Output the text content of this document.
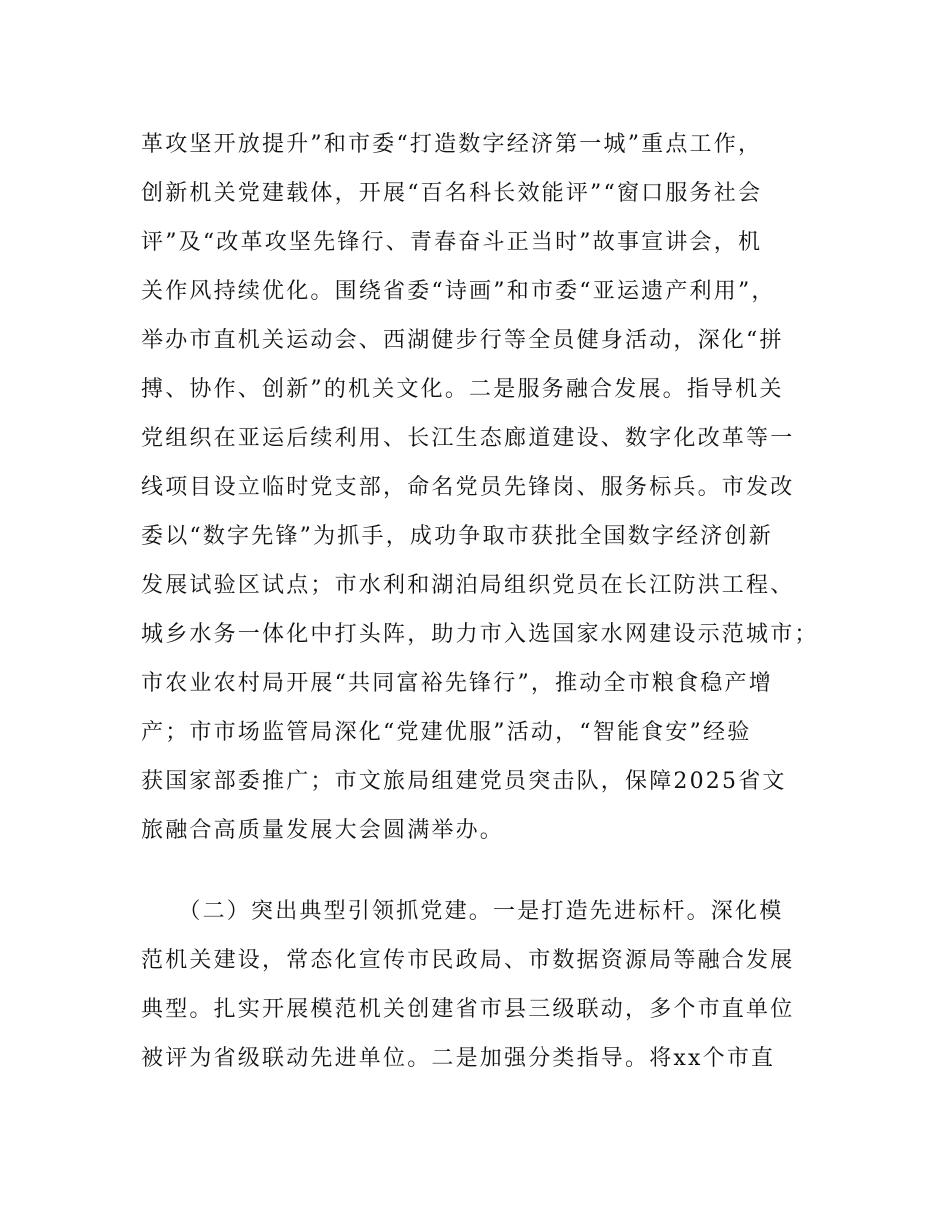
革攻坚开放提升”和市委“打造数字经济第一城”重点工作，
创新机关党建载体，开展“百名科长效能评”“窗口服务社会
评”及“改革攻坚先锋行、青春奋斗正当时”故事宣讲会，机
关作风持续优化。围绕省委“诗画”和市委“亚运遗产利用”，
举办市直机关运动会、西湖健步行等全员健身活动，深化“拼
搏、协作、创新”的机关文化。二是服务融合发展。指导机关
党组织在亚运后续利用、长江生态廊道建设、数字化改革等一
线项目设立临时党支部，命名党员先锋岗、服务标兵。市发改
委以“数字先锋”为抓手，成功争取市获批全国数字经济创新
发展试验区试点；市水利和湖泊局组织党员在长江防洪工程、
城乡水务一体化中打头阵，助力市入选国家水网建设示范城市；
市农业农村局开展“共同富裕先锋行”，推动全市粮食稳产增
产；市市场监管局深化“党建优服”活动，“智能食安”经验
获国家部委推广；市文旅局组建党员突击队，保障2025省文
旅融合高质量发展大会圆满举办。
　　（二）突出典型引领抓党建。一是打造先进标杆。深化模
范机关建设，常态化宣传市民政局、市数据资源局等融合发展
典型。扎实开展模范机关创建省市县三级联动，多个市直单位
被评为省级联动先进单位。二是加强分类指导。将xx个市直
